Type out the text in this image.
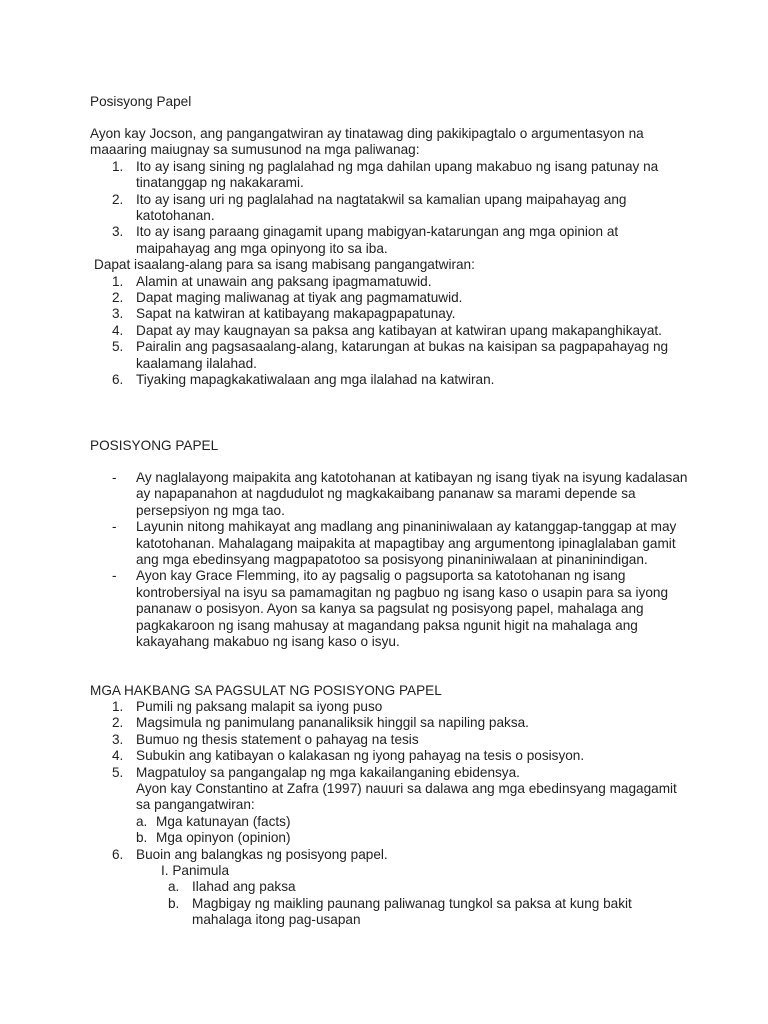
Posisyong Papel

Ayon kay Jocson, ang pangangatwiran ay tinatawag ding pakikipagtalo o argumentasyon na maaaring maiugnay sa sumusunod na mga paliwanag:

1. Ito ay isang sining ng paglalahad ng mga dahilan upang makabuo ng isang patunay na tinatanggap ng nakakarami.
2. Ito ay isang uri ng paglalahad na nagtatakwil sa kamalian upang maipahayag ang katotohanan.
3. Ito ay isang paraang ginagamit upang mabigyan-katarungan ang mga opinion at maipahayag ang mga opinyong ito sa iba.

Dapat isaalang-alang para sa isang mabisang pangangatwiran:

1. Alamin at unawain ang paksang ipagmamatuwid.
2. Dapat maging maliwanag at tiyak ang pagmamatuwid.
3. Sapat na katwiran at katibayang makapagpapatunay.
4. Dapat ay may kaugnayan sa paksa ang katibayan at katwiran upang makapanghikayat.
5. Pairalin ang pagsasaalang-alang, katarungan at bukas na kaisipan sa pagpapahayag ng kaalamang ilalahad.
6. Tiyaking mapagkakatiwalaan ang mga ilalahad na katwiran.

POSISYONG PAPEL

-	Ay naglalayong maipakita ang katotohanan at katibayan ng isang tiyak na isyung kadalasan ay napapanahon at nagdudulot ng magkakaibang pananaw sa marami depende sa persepsiyon ng mga tao.
-	Layunin nitong mahikayat ang madlang ang pinaniniwalaan ay katanggap-tanggap at may katotohanan. Mahalagang maipakita at mapagtibay ang argumentong ipinaglalaban gamit ang mga ebedinsyang magpapatotoo sa posisyong pinaniniwalaan at pinaninindigan.
-	Ayon kay Grace Flemming, ito ay pagsalig o pagsuporta sa katotohanan ng isang kontrobersiyal na isyu sa pamamagitan ng pagbuo ng isang kaso o usapin para sa iyong pananaw o posisyon. Ayon sa kanya sa pagsulat ng posisyong papel, mahalaga ang pagkakaroon ng isang mahusay at magandang paksa ngunit higit na mahalaga ang kakayahang makabuo ng isang kaso o isyu.

MGA HAKBANG SA PAGSULAT NG POSISYONG PAPEL

1. Pumili ng paksang malapit sa iyong puso
2. Magsimula ng panimulang pananaliksik hinggil sa napiling paksa.
3. Bumuo ng thesis statement o pahayag na tesis
4. Subukin ang katibayan o kalakasan ng iyong pahayag na tesis o posisyon.
5. Magpatuloy sa pangangalap ng mga kakailanganing ebidensya.

Ayon kay Constantino at Zafra (1997) nauuri sa dalawa ang mga ebedinsyang magagamit sa pangangatwiran:

a. Mga katunayan (facts)
b. Mga opinyon (opinion)
6. Buoin ang balangkas ng posisyong papel.

I. Panimula

a. Ilahad ang paksa
b. Magbigay ng maikling paunang paliwanag tungkol sa paksa at kung bakit mahalaga itong pag-usapan
